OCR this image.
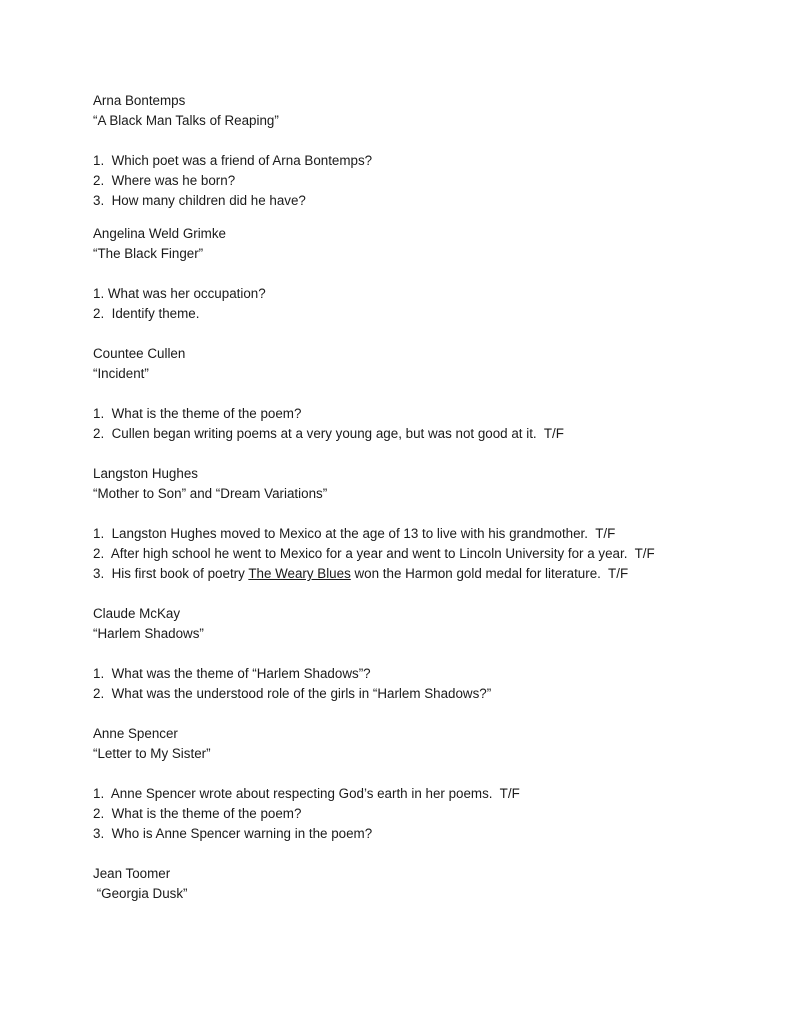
Arna Bontemps
“A Black Man Talks of Reaping”
1.  Which poet was a friend of Arna Bontemps?
2.  Where was he born?
3.  How many children did he have?
Angelina Weld Grimke
“The Black Finger”
1. What was her occupation?
2.  Identify theme.
Countee Cullen
“Incident”
1.  What is the theme of the poem?
2.  Cullen began writing poems at a very young age, but was not good at it.  T/F
Langston Hughes
“Mother to Son” and “Dream Variations”
1.  Langston Hughes moved to Mexico at the age of 13 to live with his grandmother.  T/F
2.  After high school he went to Mexico for a year and went to Lincoln University for a year.  T/F
3.  His first book of poetry The Weary Blues won the Harmon gold medal for literature.  T/F
Claude McKay
“Harlem Shadows”
1.  What was the theme of “Harlem Shadows”?
2.  What was the understood role of the girls in “Harlem Shadows?”
Anne Spencer
“Letter to My Sister”
1.  Anne Spencer wrote about respecting God’s earth in her poems.  T/F
2.  What is the theme of the poem?
3.  Who is Anne Spencer warning in the poem?
Jean Toomer
“Georgia Dusk”
